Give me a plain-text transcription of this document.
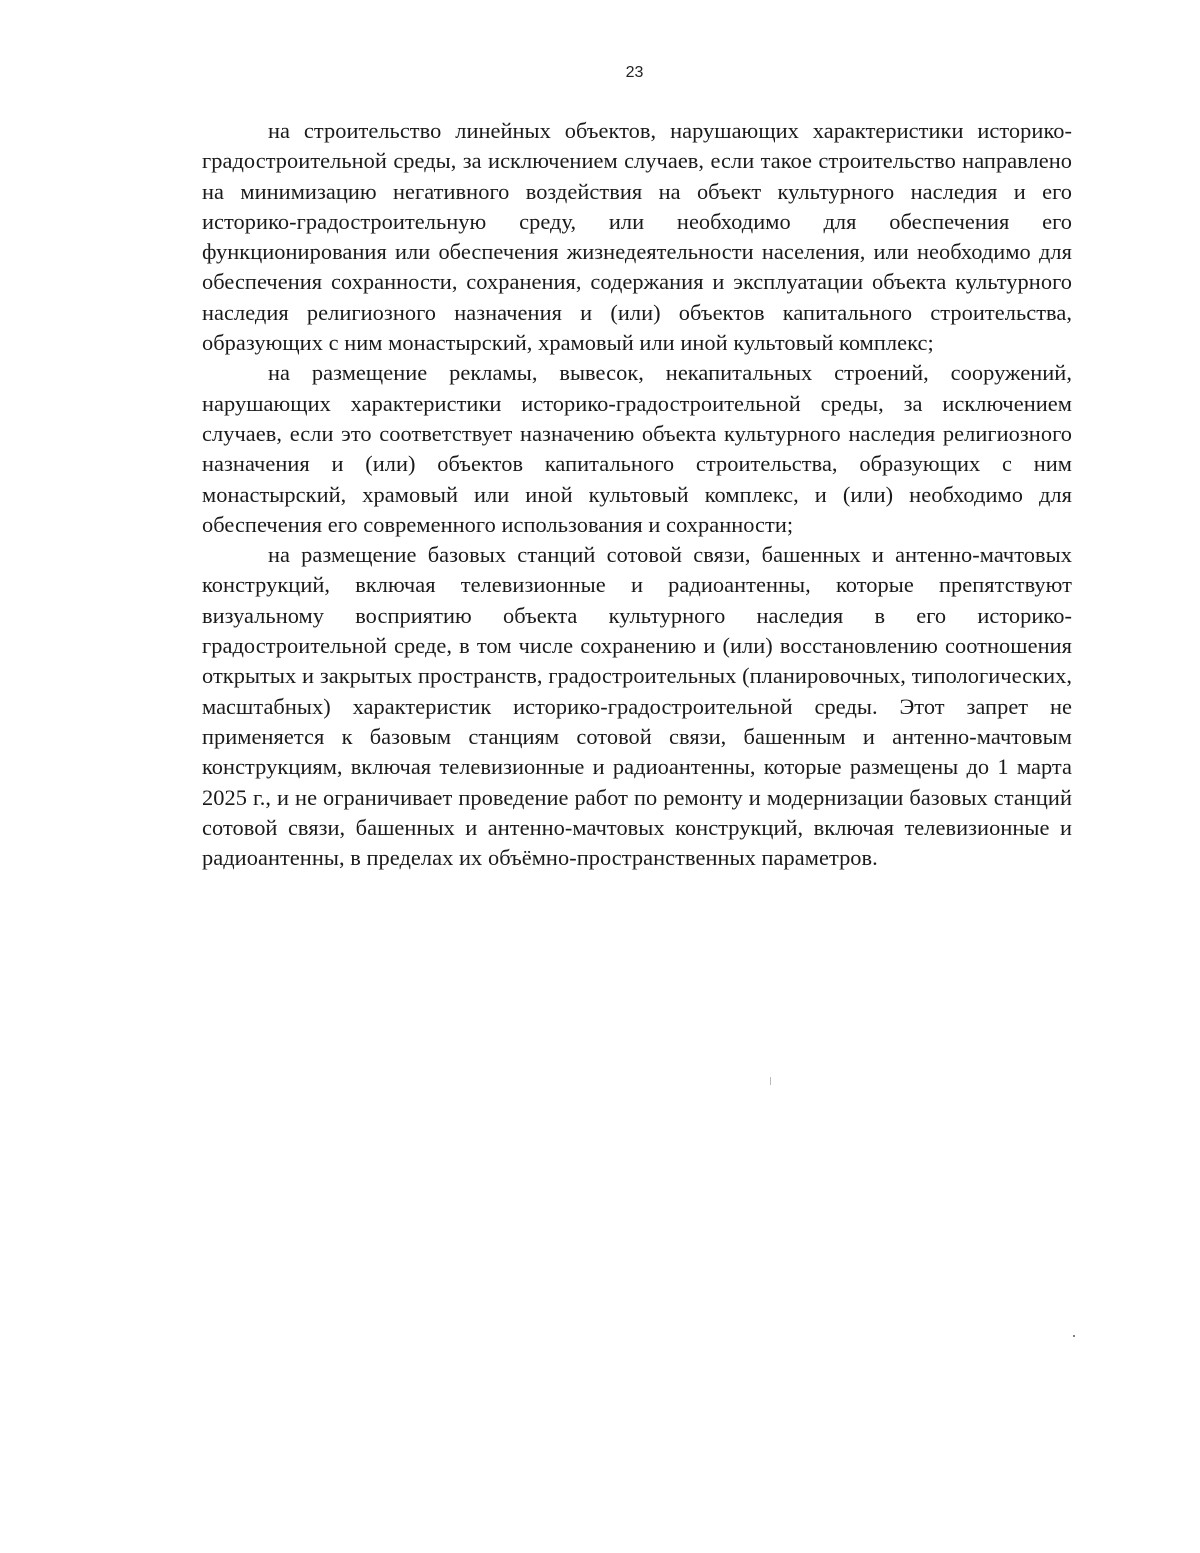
23

на строительство линейных объектов, нарушающих характеристики историко-градостроительной среды, за исключением случаев, если такое строительство направлено на минимизацию негативного воздействия на объект культурного наследия и его историко-градостроительную среду, или необходимо для обеспечения его функционирования или обеспечения жизнедеятельности населения, или необходимо для обеспечения сохранности, сохранения, содержания и эксплуатации объекта культурного наследия религиозного назначения и (или) объектов капитального строительства, образующих с ним монастырский, храмовый или иной культовый комплекс;

на размещение рекламы, вывесок, некапитальных строений, сооружений, нарушающих характеристики историко-градостроительной среды, за исключением случаев, если это соответствует назначению объекта культурного наследия религиозного назначения и (или) объектов капитального строительства, образующих с ним монастырский, храмовый или иной культовый комплекс, и (или) необходимо для обеспечения его современного использования и сохранности;

на размещение базовых станций сотовой связи, башенных и антенно-мачтовых конструкций, включая телевизионные и радиоантенны, которые препятствуют визуальному восприятию объекта культурного наследия в его историко-градостроительной среде, в том числе сохранению и (или) восстановлению соотношения открытых и закрытых пространств, градостроительных (планировочных, типологических, масштабных) характеристик историко-градостроительной среды. Этот запрет не применяется к базовым станциям сотовой связи, башенным и антенно-мачтовым конструкциям, включая телевизионные и радиоантенны, которые размещены до 1 марта 2025 г., и не ограничивает проведение работ по ремонту и модернизации базовых станций сотовой связи, башенных и антенно-мачтовых конструкций, включая телевизионные и радиоантенны, в пределах их объёмно-пространственных параметров.
